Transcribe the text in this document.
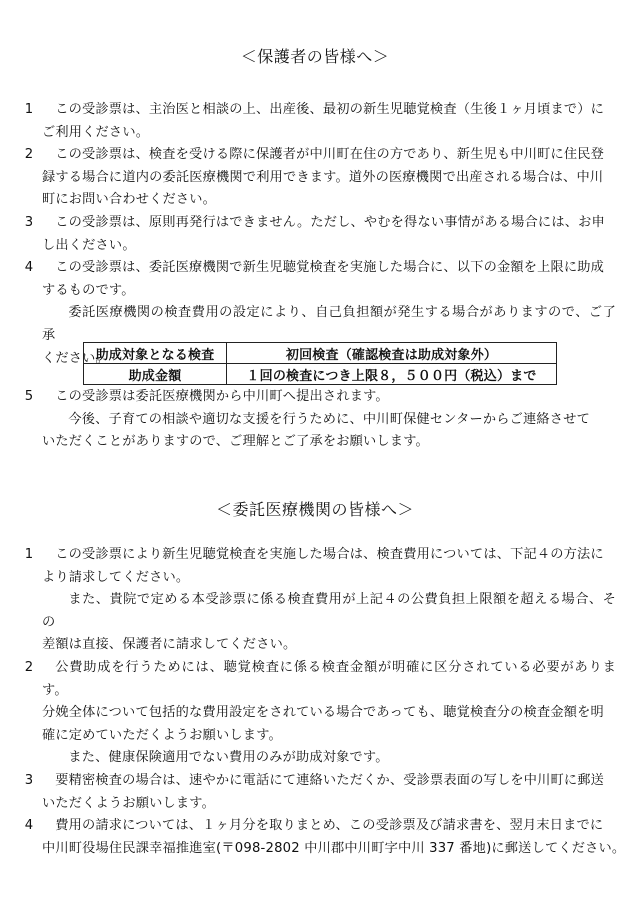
＜保護者の皆様へ＞
1	この受診票は、主治医と相談の上、出産後、最初の新生児聴覚検査（生後１ヶ月頃まで）に
ご利用ください。
2	この受診票は、検査を受ける際に保護者が中川町在住の方であり、新生児も中川町に住民登
録する場合に道内の委託医療機関で利用できます。道外の医療機関で出産される場合は、中川
町にお問い合わせください。
3	この受診票は、原則再発行はできません。ただし、やむを得ない事情がある場合には、お申
し出ください。
4	この受診票は、委託医療機関で新生児聴覚検査を実施した場合に、以下の金額を上限に助成
するものです。
委託医療機関の検査費用の設定により、自己負担額が発生する場合がありますので、ご了承
ください。
助成対象となる検査	初回検査（確認検査は助成対象外）
助成金額	１回の検査につき上限８，５００円（税込）まで
5	この受診票は委託医療機関から中川町へ提出されます。
今後、子育ての相談や適切な支援を行うために、中川町保健センターからご連絡させて
いただくことがありますので、ご理解とご了承をお願いします。
＜委託医療機関の皆様へ＞
1	この受診票により新生児聴覚検査を実施した場合は、検査費用については、下記４の方法に
より請求してください。
また、貴院で定める本受診票に係る検査費用が上記４の公費負担上限額を超える場合、その
差額は直接、保護者に請求してください。
2	公費助成を行うためには、聴覚検査に係る検査金額が明確に区分されている必要があります。
分娩全体について包括的な費用設定をされている場合であっても、聴覚検査分の検査金額を明
確に定めていただくようお願いします。
また、健康保険適用でない費用のみが助成対象です。
3	要精密検査の場合は、速やかに電話にて連絡いただくか、受診票表面の写しを中川町に郵送
いただくようお願いします。
4	費用の請求については、１ヶ月分を取りまとめ、この受診票及び請求書を、翌月末日までに
中川町役場住民課幸福推進室(〒098-2802 中川郡中川町字中川 337 番地)に郵送してください。
